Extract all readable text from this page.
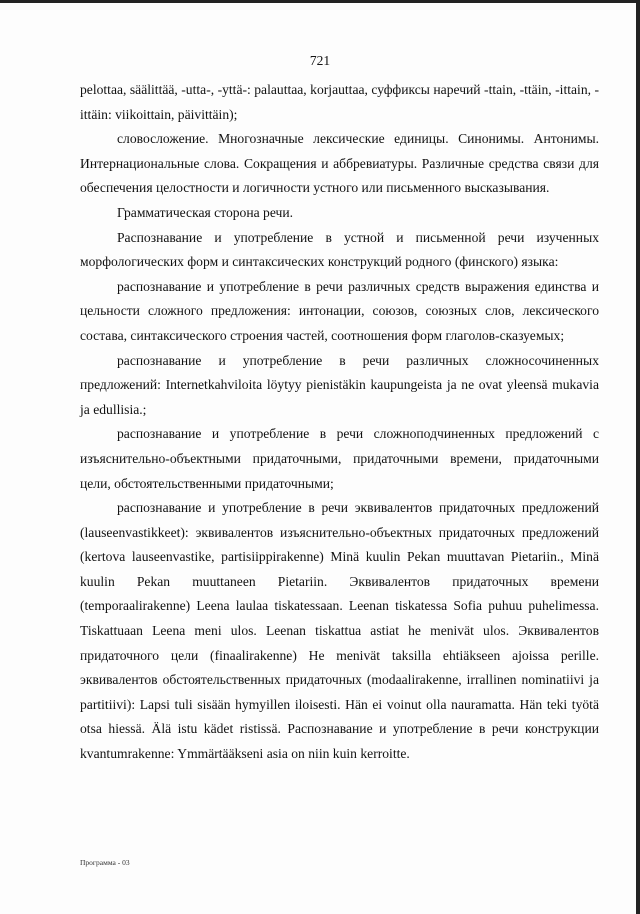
721

pelottaa, säälittää, -utta-, -yttä-: palauttaa, korjauttaa, суффиксы наречий -ttain, -ttäin, -ittain, -ittäin: viikoittain, päivittäin);

словосложение. Многозначные лексические единицы. Синонимы. Антонимы. Интернациональные слова. Сокращения и аббревиатуры. Различные средства связи для обеспечения целостности и логичности устного или письменного высказывания.

Грамматическая сторона речи.

Распознавание и употребление в устной и письменной речи изученных морфологических форм и синтаксических конструкций родного (финского) языка:

распознавание и употребление в речи различных средств выражения единства и цельности сложного предложения: интонации, союзов, союзных слов, лексического состава, синтаксического строения частей, соотношения форм глаголов-сказуемых;

распознавание и употребление в речи различных сложносочиненных предложений: Internetkahviloita löytyy pienistäkin kaupungeista ja ne ovat yleensä mukavia ja edullisia.;

распознавание и употребление в речи сложноподчиненных предложений с изъяснительно-объектными придаточными, придаточными времени, придаточными цели, обстоятельственными придаточными;

распознавание и употребление в речи эквивалентов придаточных предложений (lauseenvastikkeet): эквивалентов изъяснительно-объектных придаточных предложений (kertova lauseenvastike, partisiippirakenne) Minä kuulin Pekan muuttavan Pietariin., Minä kuulin Pekan muuttaneen Pietariin. Эквивалентов придаточных времени (temporaalirakenne) Leena laulaa tiskatessaan. Leenan tiskatessa Sofia puhuu puhelimessa. Tiskattuaan Leena meni ulos. Leenan tiskattua astiat he menivät ulos. Эквивалентов придаточного цели (finaalirakenne) He menivät taksilla ehtiäkseen ajoissa perille. эквивалентов обстоятельственных придаточных (modaalirakenne, irrallinen nominatiivi ja partitiivi): Lapsi tuli sisään hymyillen iloisesti. Hän ei voinut olla nauramatta. Hän teki työtä otsa hiessä. Älä istu kädet ristissä. Распознавание и употребление в речи конструкции kvantumrakenne: Ymmärtääkseni asia on niin kuin kerroitte.

Программа - 03
